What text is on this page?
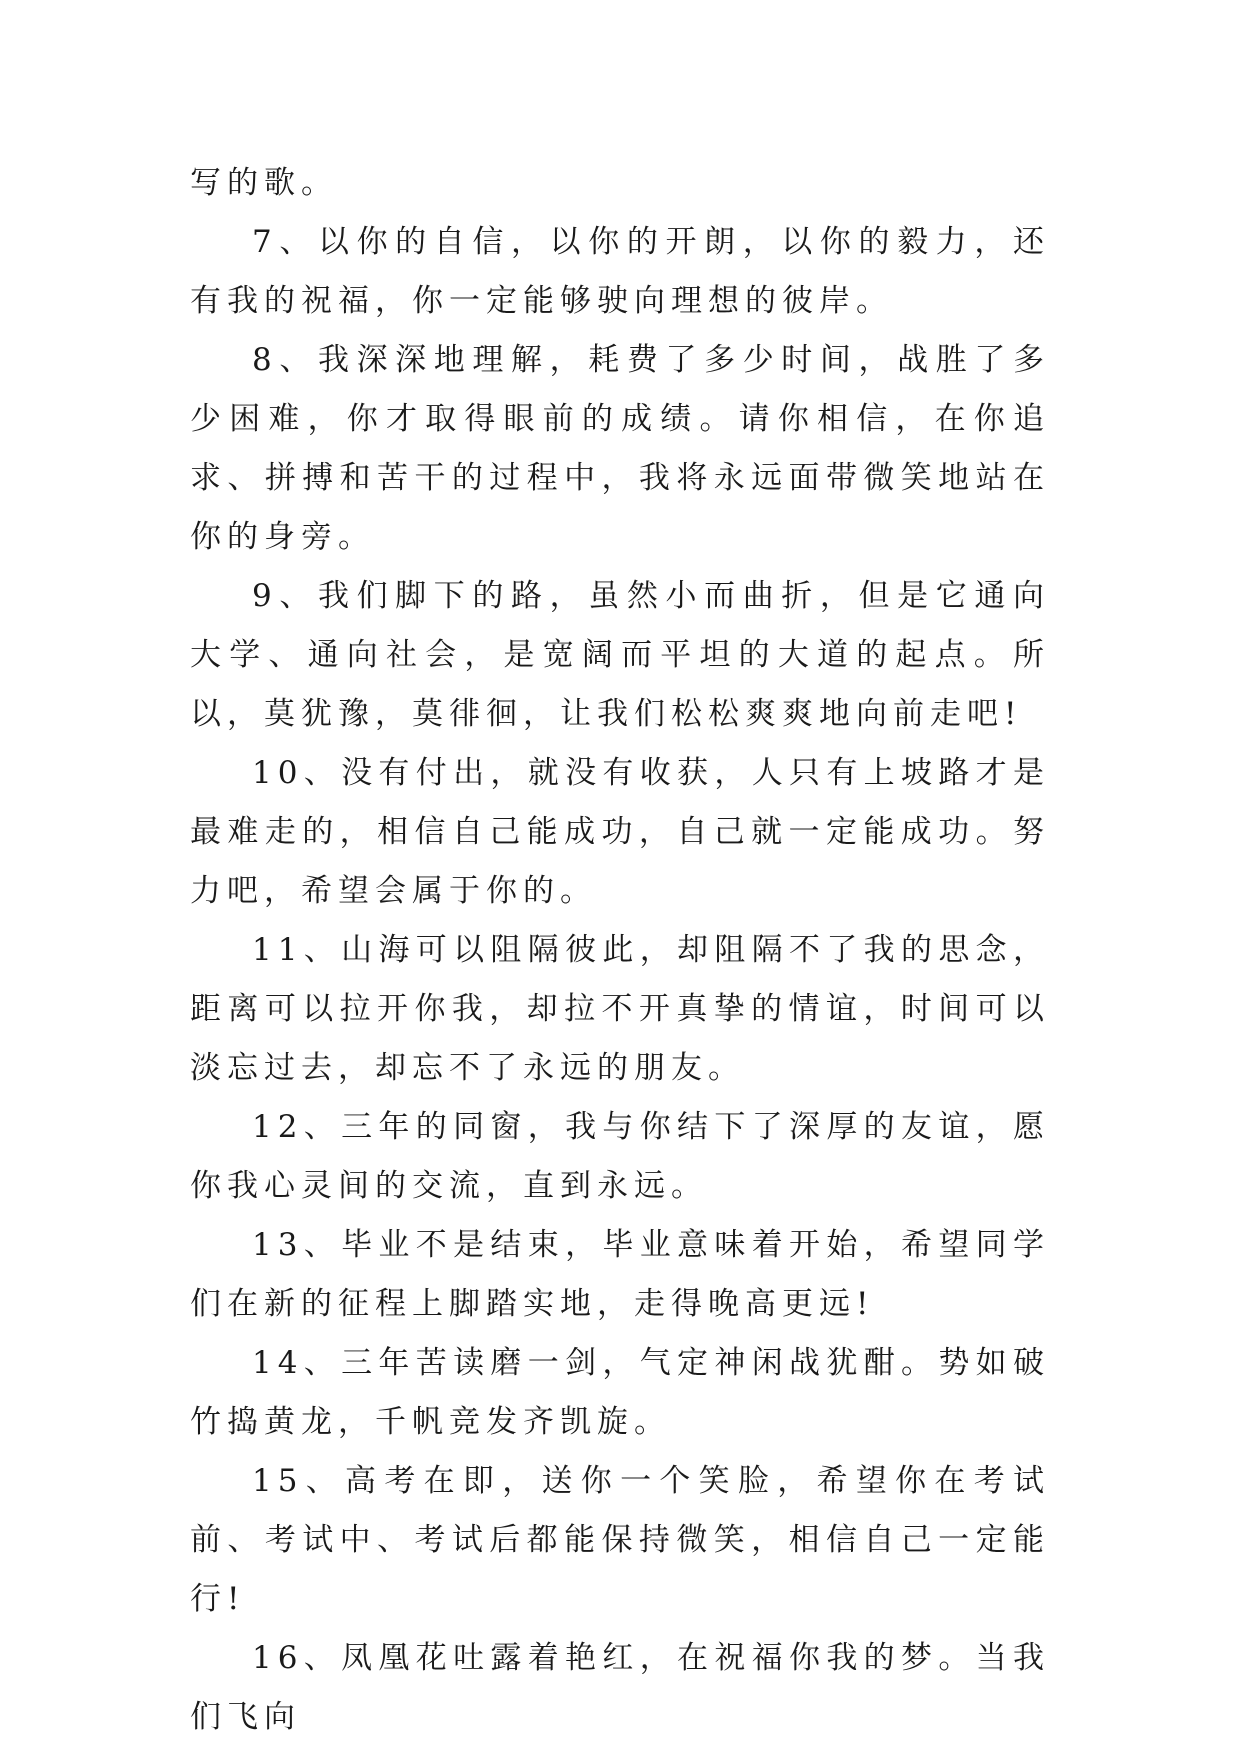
写的歌。

7、以你的自信，以你的开朗，以你的毅力，还有我的祝福，你一定能够驶向理想的彼岸。

8、我深深地理解，耗费了多少时间，战胜了多少困难，你才取得眼前的成绩。请你相信，在你追求、拼搏和苦干的过程中，我将永远面带微笑地站在你的身旁。

9、我们脚下的路，虽然小而曲折，但是它通向大学、通向社会，是宽阔而平坦的大道的起点。所以，莫犹豫，莫徘徊，让我们松松爽爽地向前走吧!

10、没有付出，就没有收获，人只有上坡路才是最难走的，相信自己能成功，自己就一定能成功。努力吧，希望会属于你的。

11、山海可以阻隔彼此，却阻隔不了我的思念，距离可以拉开你我，却拉不开真挚的情谊，时间可以淡忘过去，却忘不了永远的朋友。

12、三年的同窗，我与你结下了深厚的友谊，愿你我心灵间的交流，直到永远。

13、毕业不是结束，毕业意味着开始，希望同学们在新的征程上脚踏实地，走得晚高更远!

14、三年苦读磨一剑，气定神闲战犹酣。势如破竹捣黄龙，千帆竞发齐凯旋。

15、高考在即，送你一个笑脸，希望你在考试前、考试中、考试后都能保持微笑，相信自己一定能行!

16、凤凰花吐露着艳红，在祝福你我的梦。当我们飞向
